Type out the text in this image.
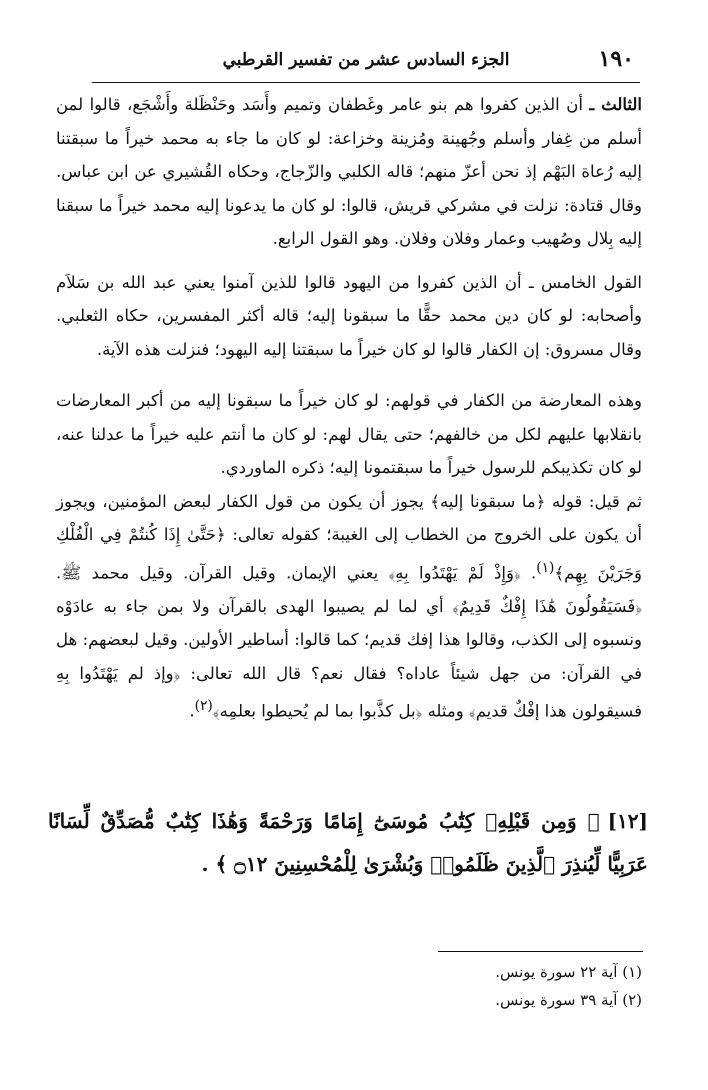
١٩٠
الجزء السادس عشر من تفسير القرطبي

الثالث ـ أن الذين كفروا هم بنو عامر وغَطفان وتميم وأَسَد وحَنْظَلة وأَشْجَع، قالوا لمن أسلم من غِفار وأسلم وجُهينة ومُزينة وخزاعة: لو كان ما جاء به محمد خيراً ما سبقتنا إليه رُعاة البَهْم إذ نحن أعزّ منهم؛ قاله الكلبي والزّجاج، وحكاه القُشيري عن ابن عباس. وقال قتادة: نزلت في مشركي قريش، قالوا: لو كان ما يدعونا إليه محمد خيراً ما سبقنا إليه بِلال وصُهيب وعمار وفلان وفلان. وهو القول الرابع.

القول الخامس ـ أن الذين كفروا من اليهود قالوا للذين آمنوا يعني عبد الله بن سَلاَم وأصحابه: لو كان دين محمد حقًّا ما سبقونا إليه؛ قاله أكثر المفسرين، حكاه الثعلبي. وقال مسروق: إن الكفار قالوا لو كان خيراً ما سبقتنا إليه اليهود؛ فنزلت هذه الآية.

وهذه المعارضة من الكفار في قولهم: لو كان خيراً ما سبقونا إليه من أكبر المعارضات بانقلابها عليهم لكل من خالفهم؛ حتى يقال لهم: لو كان ما أنتم عليه خيراً ما عدلنا عنه، لو كان تكذيبكم للرسول خيراً ما سبقتمونا إليه؛ ذكره الماوردي.

ثم قيل: قوله ﴿ما سبقونا إليه﴾ يجوز أن يكون من قول الكفار لبعض المؤمنين، ويجوز أن يكون على الخروج من الخطاب إلى الغيبة؛ كقوله تعالى: ﴿حَتَّىٰ إِذَا كُنتُمْ فِي الْفُلْكِ وَجَرَيْنَ بِهِم﴾$^{(١)}$. ﴿وَإِذْ لَمْ يَهْتَدُوا بِهِ﴾ يعني الإيمان. وقيل القرآن. وقيل محمد ﷺ. ﴿فَسَيَقُولُونَ هَٰذَا إِفْكٌ قَدِيمٌ﴾ أي لما لم يصيبوا الهدى بالقرآن ولا بمن جاء به عادَوْه ونسبوه إلى الكذب، وقالوا هذا إفك قديم؛ كما قالوا: أساطير الأولين. وقيل لبعضهم: هل في القرآن: من جهل شيئاً عاداه؟ فقال نعم؟ قال الله تعالى: ﴿وإذ لم يَهْتَدُوا بِهِ فسيقولون هذا إفْكٌ قديم﴾ ومثله ﴿بل كذَّبوا بما لم يُحيطوا بعلمِه﴾$^{(٢)}$.

[١٢]﴿ وَمِن قَبْلِهِۦ كِتَٰبُ مُوسَىٰٓ إِمَامًا وَرَحْمَةً وَهَٰذَا كِتَٰبٌ مُّصَدِّقٌ لِّسَانًا عَرَبِيًّا لِّيُنذِرَ ٱلَّذِينَ ظَلَمُوا۟ وَبُشْرَىٰ لِلْمُحْسِنِينَ ۝١٢ ﴾ .
(١) آية ٢٢ سورة يونس.
(٢) آية ٣٩ سورة يونس.
